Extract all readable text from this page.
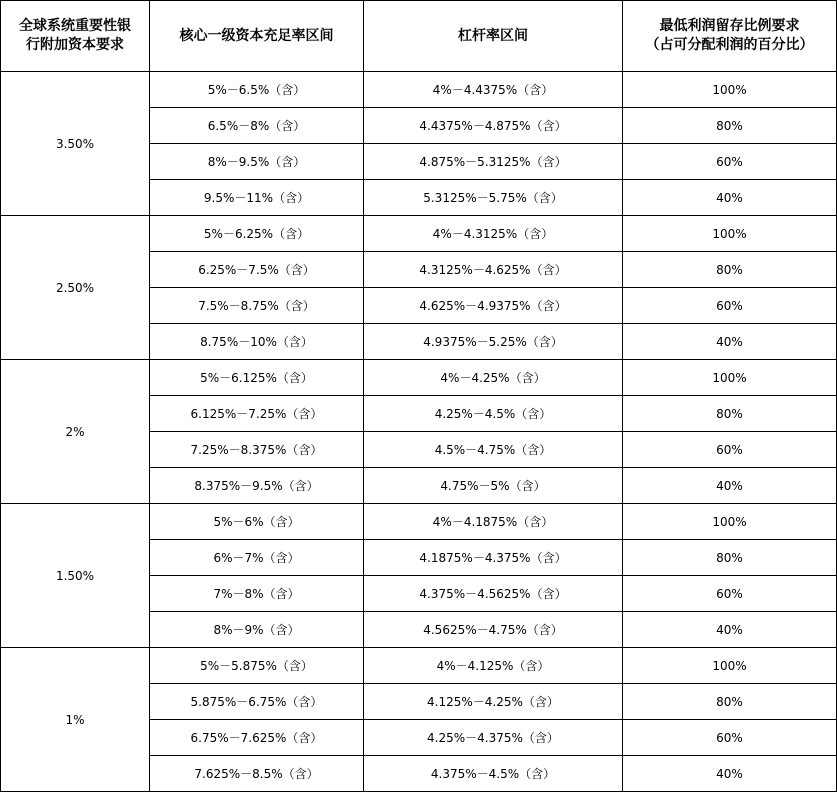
全球系统重要性银
行附加资本要求	核心一级资本充足率区间	杠杆率区间	最低利润留存比例要求
（占可分配利润的百分比）
3.50%	5%－6.5%（含）	4%－4.4375%（含）	100%
	6.5%－8%（含）	4.4375%－4.875%（含）	80%
	8%－9.5%（含）	4.875%－5.3125%（含）	60%
	9.5%－11%（含）	5.3125%－5.75%（含）	40%
2.50%	5%－6.25%（含）	4%－4.3125%（含）	100%
	6.25%－7.5%（含）	4.3125%－4.625%（含）	80%
	7.5%－8.75%（含）	4.625%－4.9375%（含）	60%
	8.75%－10%（含）	4.9375%－5.25%（含）	40%
2%	5%－6.125%（含）	4%－4.25%（含）	100%
	6.125%－7.25%（含）	4.25%－4.5%（含）	80%
	7.25%－8.375%（含）	4.5%－4.75%（含）	60%
	8.375%－9.5%（含）	4.75%－5%（含）	40%
1.50%	5%－6%（含）	4%－4.1875%（含）	100%
	6%－7%（含）	4.1875%－4.375%（含）	80%
	7%－8%（含）	4.375%－4.5625%（含）	60%
	8%－9%（含）	4.5625%－4.75%（含）	40%
1%	5%－5.875%（含）	4%－4.125%（含）	100%
	5.875%－6.75%（含）	4.125%－4.25%（含）	80%
	6.75%－7.625%（含）	4.25%－4.375%（含）	60%
	7.625%－8.5%（含）	4.375%－4.5%（含）	40%
